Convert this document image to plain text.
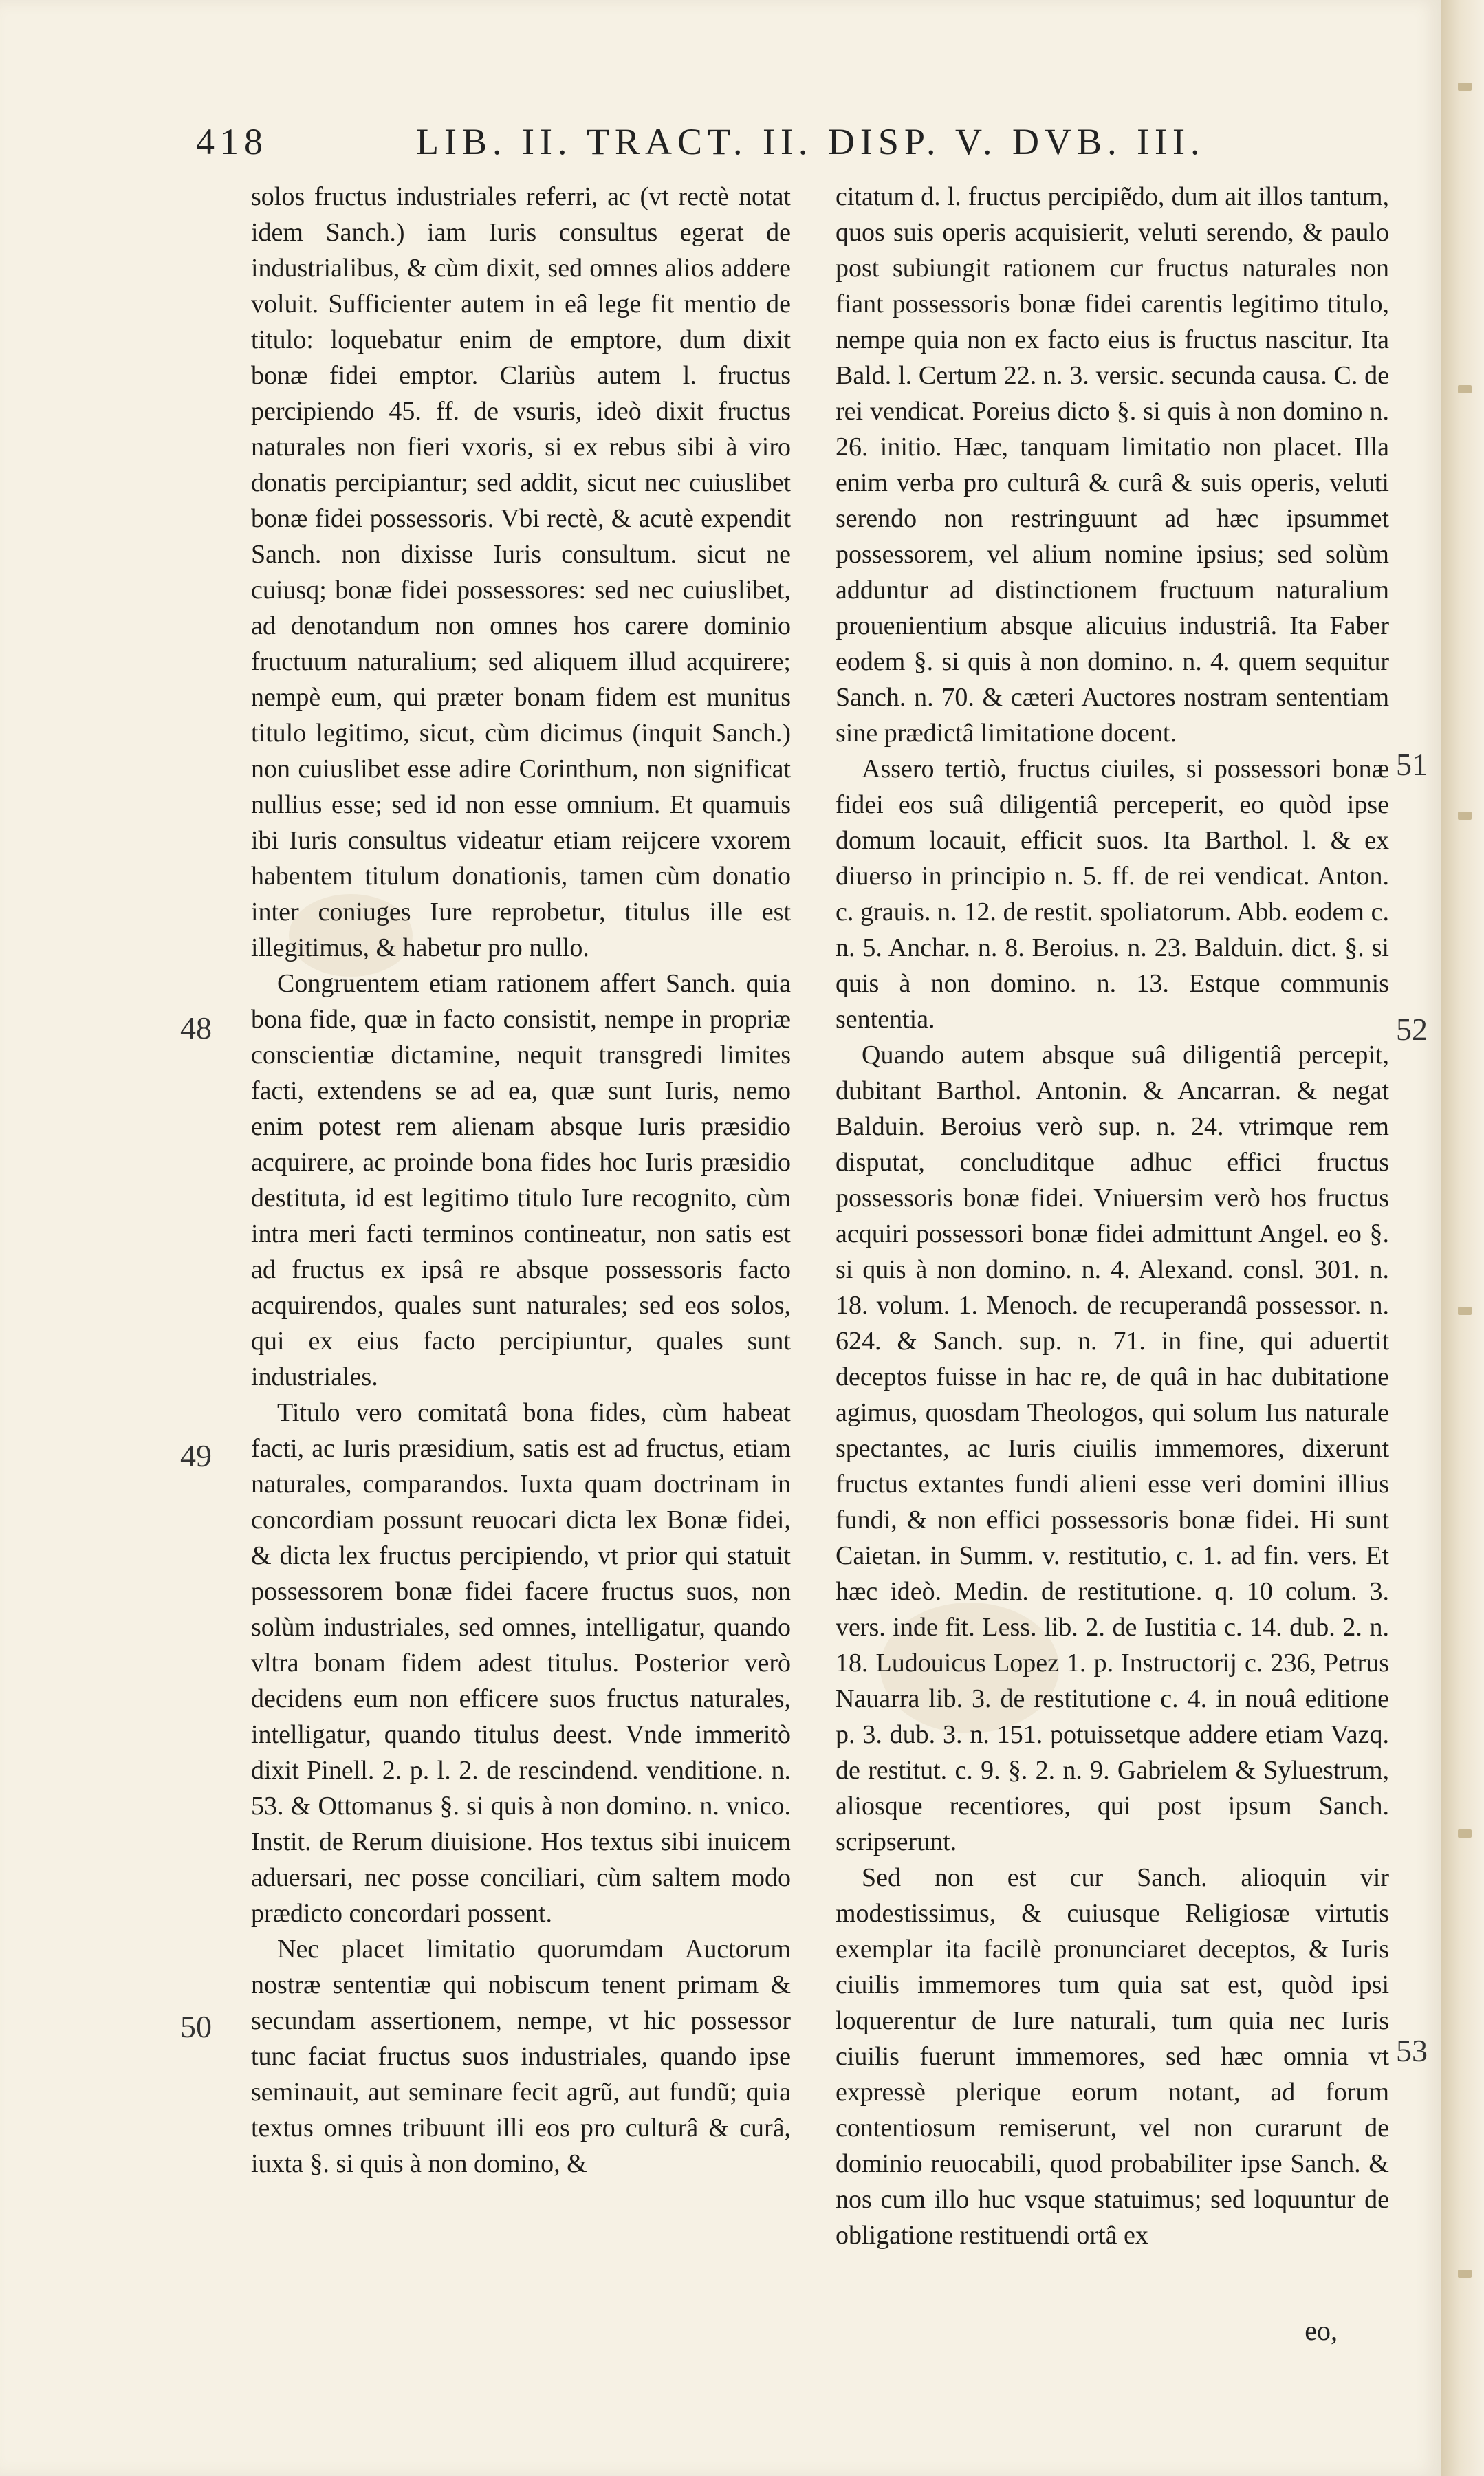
418	LIB. II. TRACT. II. DISP. V. DVB. III.

solos fructus industriales referri, ac (vt rectè notat idem Sanch.) iam Iuris consultus egerat de industrialibus, & cùm dixit, sed omnes alios addere voluit. Sufficienter autem in eâ lege fit mentio de titulo: loquebatur enim de emptore, dum dixit bonæ fidei emptor. Clariùs autem l. fructus percipiendo 45. ff. de vsuris, ideò dixit fructus naturales non fieri vxoris, si ex rebus sibi à viro donatis percipiantur; sed addit, sicut nec cuiuslibet bonæ fidei possessoris. Vbi rectè, & acutè expendit Sanch. non dixisse Iuris consultum. sicut ne cuiusq; bonæ fidei possessores: sed nec cuiuslibet, ad denotandum non omnes hos carere dominio fructuum naturalium; sed aliquem illud acquirere; nempè eum, qui præter bonam fidem est munitus titulo legitimo, sicut, cùm dicimus (inquit Sanch.) non cuiuslibet esse adire Corinthum, non significat nullius esse; sed id non esse omnium. Et quamuis ibi Iuris consultus videatur etiam reijcere vxorem habentem titulum donationis, tamen cùm donatio inter coniuges Iure reprobetur, titulus ille est illegitimus, & habetur pro nullo.

Congruentem etiam rationem affert Sanch. quia bona fide, quæ in facto consistit, nempe in propriæ conscientiæ dictamine, nequit transgredi limites facti, extendens se ad ea, quæ sunt Iuris, nemo enim potest rem alienam absque Iuris præsidio acquirere, ac proinde bona fides hoc Iuris præsidio destituta, id est legitimo titulo Iure recognito, cùm intra meri facti terminos contineatur, non satis est ad fructus ex ipsâ re absque possessoris facto acquirendos, quales sunt naturales; sed eos solos, qui ex eius facto percipiuntur, quales sunt industriales.

Titulo vero comitatâ bona fides, cùm habeat facti, ac Iuris præsidium, satis est ad fructus, etiam naturales, comparandos. Iuxta quam doctrinam in concordiam possunt reuocari dicta lex Bonæ fidei, & dicta lex fructus percipiendo, vt prior qui statuit possessorem bonæ fidei facere fructus suos, non solùm industriales, sed omnes, intelligatur, quando vltra bonam fidem adest titulus. Posterior verò decidens eum non efficere suos fructus naturales, intelligatur, quando titulus deest. Vnde immeritò dixit Pinell. 2. p. l. 2. de rescindend. venditione. n. 53. & Ottomanus §. si quis à non domino. n. vnico. Instit. de Rerum diuisione. Hos textus sibi inuicem aduersari, nec posse conciliari, cùm saltem modo prædicto concordari possent.

Nec placet limitatio quorumdam Auctorum nostræ sententiæ qui nobiscum tenent primam & secundam assertionem, nempe, vt hic possessor tunc faciat fructus suos industriales, quando ipse seminauit, aut seminare fecit agrũ, aut fundũ; quia textus omnes tribuunt illi eos pro culturâ & curâ, iuxta §. si quis à non domino, &

48
49
50

citatum d. l. fructus percipiẽdo, dum ait illos tantum, quos suis operis acquisierit, veluti serendo, & paulo post subiungit rationem cur fructus naturales non fiant possessoris bonæ fidei carentis legitimo titulo, nempe quia non ex facto eius is fructus nascitur. Ita Bald. l. Certum 22. n. 3. versic. secunda causa. C. de rei vendicat. Poreius dicto §. si quis à non domino n. 26. initio. Hæc, tanquam limitatio non placet. Illa enim verba pro culturâ & curâ & suis operis, veluti serendo non restringuunt ad hæc ipsummet possessorem, vel alium nomine ipsius; sed solùm adduntur ad distinctionem fructuum naturalium prouenientium absque alicuius industriâ. Ita Faber eodem §. si quis à non domino. n. 4. quem sequitur Sanch. n. 70. & cæteri Auctores nostram sententiam sine prædictâ limitatione docent.

Assero tertiò, fructus ciuiles, si possessori bonæ fidei eos suâ diligentiâ perceperit, eo quòd ipse domum locauit, efficit suos. Ita Barthol. l. & ex diuerso in principio n. 5. ff. de rei vendicat. Anton. c. grauis. n. 12. de restit. spoliatorum. Abb. eodem c. n. 5. Anchar. n. 8. Beroius. n. 23. Balduin. dict. §. si quis à non domino. n. 13. Estque communis sententia.

Quando autem absque suâ diligentiâ percepit, dubitant Barthol. Antonin. & Ancarran. & negat Balduin. Beroius verò sup. n. 24. vtrimque rem disputat, concluditque adhuc effici fructus possessoris bonæ fidei. Vniuersim verò hos fructus acquiri possessori bonæ fidei admittunt Angel. eo §. si quis à non domino. n. 4. Alexand. consl. 301. n. 18. volum. 1. Menoch. de recuperandâ possessor. n. 624. & Sanch. sup. n. 71. in fine, qui aduertit deceptos fuisse in hac re, de quâ in hac dubitatione agimus, quosdam Theologos, qui solum Ius naturale spectantes, ac Iuris ciuilis immemores, dixerunt fructus extantes fundi alieni esse veri domini illius fundi, & non effici possessoris bonæ fidei. Hi sunt Caietan. in Summ. v. restitutio, c. 1. ad fin. vers. Et hæc ideò. Medin. de restitutione. q. 10 colum. 3. vers. inde fit. Less. lib. 2. de Iustitia c. 14. dub. 2. n. 18. Ludouicus Lopez 1. p. Instructorij c. 236, Petrus Nauarra lib. 3. de restitutione c. 4. in nouâ editione p. 3. dub. 3. n. 151. potuissetque addere etiam Vazq. de restitut. c. 9. §. 2. n. 9. Gabrielem & Syluestrum, aliosque recentiores, qui post ipsum Sanch. scripserunt.

Sed non est cur Sanch. alioquin vir modestissimus, & cuiusque Religiosæ virtutis exemplar ita facilè pronunciaret deceptos, & Iuris ciuilis immemores tum quia sat est, quòd ipsi loquerentur de Iure naturali, tum quia nec Iuris ciuilis fuerunt immemores, sed hæc omnia vt expressè plerique eorum notant, ad forum contentiosum remiserunt, vel non curarunt de dominio reuocabili, quod probabiliter ipse Sanch. & nos cum illo huc vsque statuimus; sed loquuntur de obligatione restituendi ortâ ex

51
52
53
eo,
